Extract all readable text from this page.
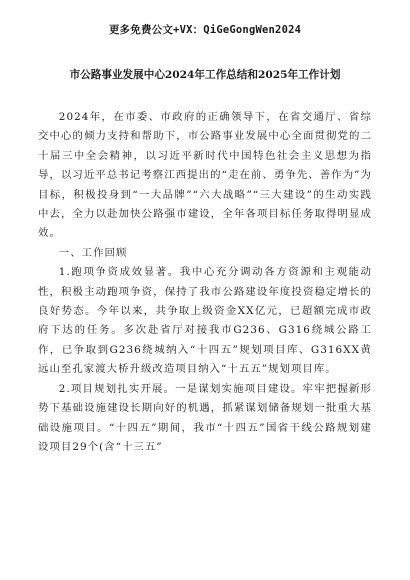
更多免费公文+VX：QiGeGongWen2024
市公路事业发展中心2024年工作总结和2025年工作计划

2024年，在市委、市政府的正确领导下，在省交通厅、省综交中心的倾力支持和帮助下，市公路事业发展中心全面贯彻党的二十届三中全会精神，以习近平新时代中国特色社会主义思想为指导，以习近平总书记考察江西提出的“走在前、勇争先、善作为”为目标，积极投身到“一大品牌”“六大战略”“三大建设”的生动实践中去，全力以赴加快公路强市建设，全年各项目标任务取得明显成效。

一、工作回顾

1.跑项争资成效显著。我中心充分调动各方资源和主观能动性，积极主动跑项争资，保持了我市公路建设年度投资稳定增长的良好势态。今年以来，共争取上级资金XX亿元，已超额完成市政府下达的任务。多次赴省厅对接我市G236、G316绕城公路工作，已争取到G236绕城纳入“十四五”规划项目库、G316XX黄远山至孔家渡大桥升级改造项目纳入“十五五”规划项目库。

2.项目规划扎实开展。一是谋划实施项目建设。牢牢把握新形势下基础设施建设长期向好的机遇，抓紧谋划储备规划一批重大基础设施项目。“十四五”期间，我市“十四五”国省干线公路规划建设项目29个(含“十三五”
